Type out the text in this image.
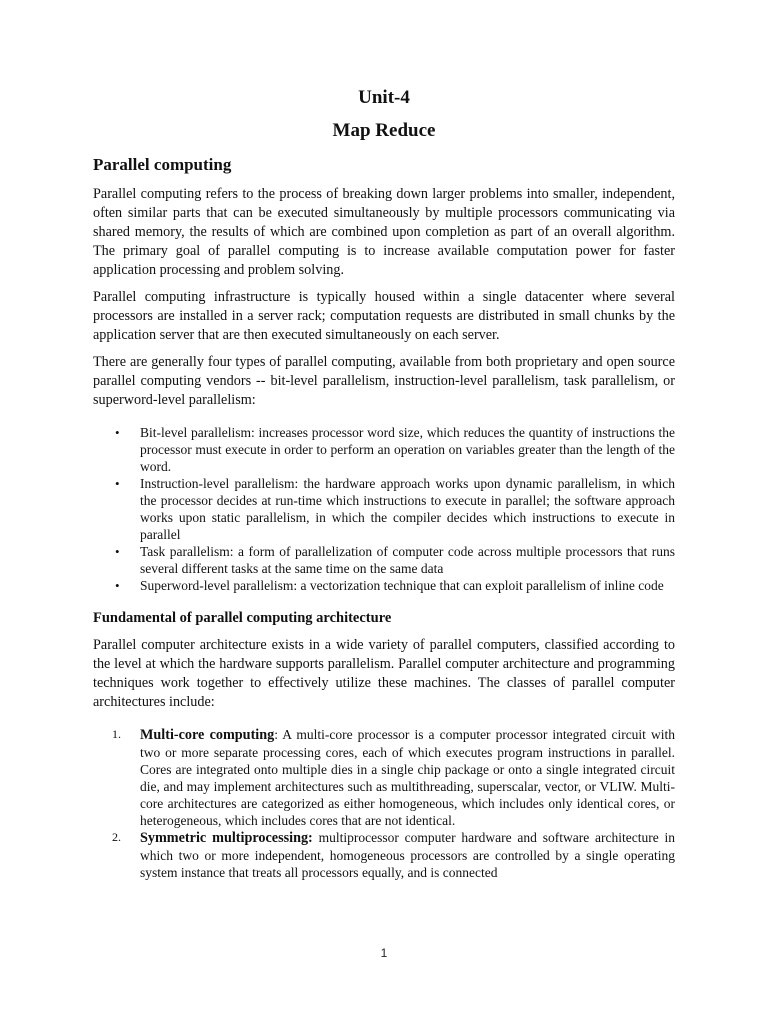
Unit-4
Map Reduce
Parallel computing

Parallel computing refers to the process of breaking down larger problems into smaller, independent, often similar parts that can be executed simultaneously by multiple processors communicating via shared memory, the results of which are combined upon completion as part of an overall algorithm. The primary goal of parallel computing is to increase available computation power for faster application processing and problem solving.

Parallel computing infrastructure is typically housed within a single datacenter where several processors are installed in a server rack; computation requests are distributed in small chunks by the application server that are then executed simultaneously on each server.

There are generally four types of parallel computing, available from both proprietary and open source parallel computing vendors -- bit-level parallelism, instruction-level parallelism, task parallelism, or superword-level parallelism:

• Bit-level parallelism: increases processor word size, which reduces the quantity of instructions the processor must execute in order to perform an operation on variables greater than the length of the word.
• Instruction-level parallelism: the hardware approach works upon dynamic parallelism, in which the processor decides at run-time which instructions to execute in parallel; the software approach works upon static parallelism, in which the compiler decides which instructions to execute in parallel
• Task parallelism: a form of parallelization of computer code across multiple processors that runs several different tasks at the same time on the same data
• Superword-level parallelism: a vectorization technique that can exploit parallelism of inline code
Fundamental of parallel computing architecture

Parallel computer architecture exists in a wide variety of parallel computers, classified according to the level at which the hardware supports parallelism. Parallel computer architecture and programming techniques work together to effectively utilize these machines. The classes of parallel computer architectures include:

1. Multi-core computing: A multi-core processor is a computer processor integrated circuit with two or more separate processing cores, each of which executes program instructions in parallel. Cores are integrated onto multiple dies in a single chip package or onto a single integrated circuit die, and may implement architectures such as multithreading, superscalar, vector, or VLIW. Multi-core architectures are categorized as either homogeneous, which includes only identical cores, or heterogeneous, which includes cores that are not identical.
2. Symmetric multiprocessing: multiprocessor computer hardware and software architecture in which two or more independent, homogeneous processors are controlled by a single operating system instance that treats all processors equally, and is connected
1
